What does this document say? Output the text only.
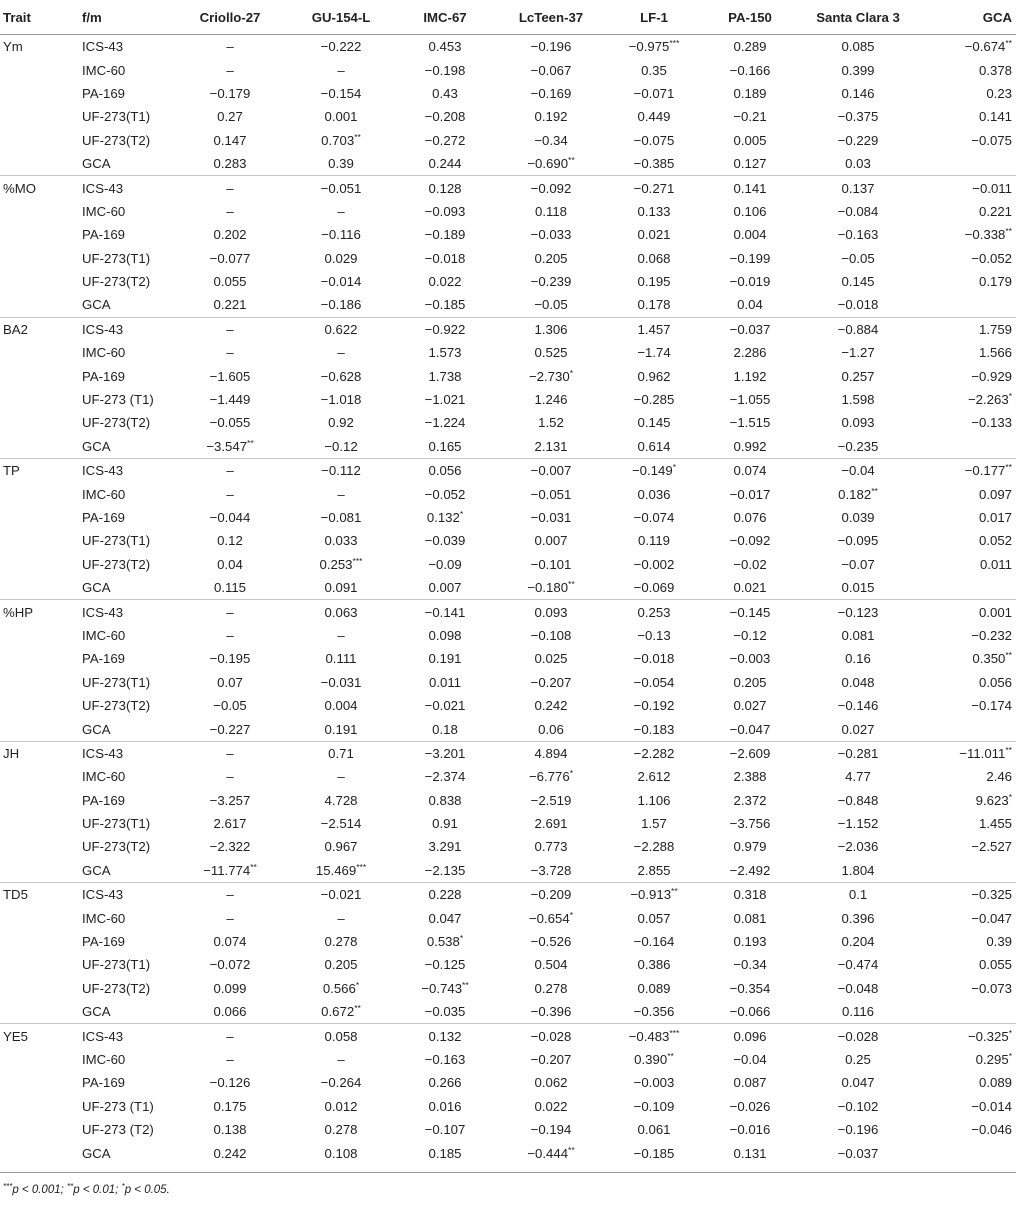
Trait	f/m	Criollo-27	GU-154-L	IMC-67	LcTeen-37	LF-1	PA-150	Santa Clara 3	GCA
Ym	ICS-43	–	−0.222	0.453	−0.196	−0.975***	0.289	0.085	−0.674**
	IMC-60	–	–	−0.198	−0.067	0.35	−0.166	0.399	0.378
	PA-169	−0.179	−0.154	0.43	−0.169	−0.071	0.189	0.146	0.23
	UF-273(T1)	0.27	0.001	−0.208	0.192	0.449	−0.21	−0.375	0.141
	UF-273(T2)	0.147	0.703**	−0.272	−0.34	−0.075	0.005	−0.229	−0.075
	GCA	0.283	0.39	0.244	−0.690**	−0.385	0.127	0.03	
%MO	ICS-43	–	−0.051	0.128	−0.092	−0.271	0.141	0.137	−0.011
	IMC-60	–	–	−0.093	0.118	0.133	0.106	−0.084	0.221
	PA-169	0.202	−0.116	−0.189	−0.033	0.021	0.004	−0.163	−0.338**
	UF-273(T1)	−0.077	0.029	−0.018	0.205	0.068	−0.199	−0.05	−0.052
	UF-273(T2)	0.055	−0.014	0.022	−0.239	0.195	−0.019	0.145	0.179
	GCA	0.221	−0.186	−0.185	−0.05	0.178	0.04	−0.018	
BA2	ICS-43	–	0.622	−0.922	1.306	1.457	−0.037	−0.884	1.759
	IMC-60	–	–	1.573	0.525	−1.74	2.286	−1.27	1.566
	PA-169	−1.605	−0.628	1.738	−2.730*	0.962	1.192	0.257	−0.929
	UF-273 (T1)	−1.449	−1.018	−1.021	1.246	−0.285	−1.055	1.598	−2.263*
	UF-273(T2)	−0.055	0.92	−1.224	1.52	0.145	−1.515	0.093	−0.133
	GCA	−3.547**	−0.12	0.165	2.131	0.614	0.992	−0.235	
TP	ICS-43	–	−0.112	0.056	−0.007	−0.149*	0.074	−0.04	−0.177**
	IMC-60	–	–	−0.052	−0.051	0.036	−0.017	0.182**	0.097
	PA-169	−0.044	−0.081	0.132*	−0.031	−0.074	0.076	0.039	0.017
	UF-273(T1)	0.12	0.033	−0.039	0.007	0.119	−0.092	−0.095	0.052
	UF-273(T2)	0.04	0.253***	−0.09	−0.101	−0.002	−0.02	−0.07	0.011
	GCA	0.115	0.091	0.007	−0.180**	−0.069	0.021	0.015	
%HP	ICS-43	–	0.063	−0.141	0.093	0.253	−0.145	−0.123	0.001
	IMC-60	–	–	0.098	−0.108	−0.13	−0.12	0.081	−0.232
	PA-169	−0.195	0.111	0.191	0.025	−0.018	−0.003	0.16	0.350**
	UF-273(T1)	0.07	−0.031	0.011	−0.207	−0.054	0.205	0.048	0.056
	UF-273(T2)	−0.05	0.004	−0.021	0.242	−0.192	0.027	−0.146	−0.174
	GCA	−0.227	0.191	0.18	0.06	−0.183	−0.047	0.027	
JH	ICS-43	–	0.71	−3.201	4.894	−2.282	−2.609	−0.281	−11.011**
	IMC-60	–	–	−2.374	−6.776*	2.612	2.388	4.77	2.46
	PA-169	−3.257	4.728	0.838	−2.519	1.106	2.372	−0.848	9.623*
	UF-273(T1)	2.617	−2.514	0.91	2.691	1.57	−3.756	−1.152	1.455
	UF-273(T2)	−2.322	0.967	3.291	0.773	−2.288	0.979	−2.036	−2.527
	GCA	−11.774**	15.469***	−2.135	−3.728	2.855	−2.492	1.804	
TD5	ICS-43	–	−0.021	0.228	−0.209	−0.913**	0.318	0.1	−0.325
	IMC-60	–	–	0.047	−0.654*	0.057	0.081	0.396	−0.047
	PA-169	0.074	0.278	0.538*	−0.526	−0.164	0.193	0.204	0.39
	UF-273(T1)	−0.072	0.205	−0.125	0.504	0.386	−0.34	−0.474	0.055
	UF-273(T2)	0.099	0.566*	−0.743**	0.278	0.089	−0.354	−0.048	−0.073
	GCA	0.066	0.672**	−0.035	−0.396	−0.356	−0.066	0.116	
YE5	ICS-43	–	0.058	0.132	−0.028	−0.483***	0.096	−0.028	−0.325*
	IMC-60	–	–	−0.163	−0.207	0.390**	−0.04	0.25	0.295*
	PA-169	−0.126	−0.264	0.266	0.062	−0.003	0.087	0.047	0.089
	UF-273 (T1)	0.175	0.012	0.016	0.022	−0.109	−0.026	−0.102	−0.014
	UF-273 (T2)	0.138	0.278	−0.107	−0.194	0.061	−0.016	−0.196	−0.046
	GCA	0.242	0.108	0.185	−0.444**	−0.185	0.131	−0.037	
***p < 0.001; **p < 0.01; *p < 0.05.
